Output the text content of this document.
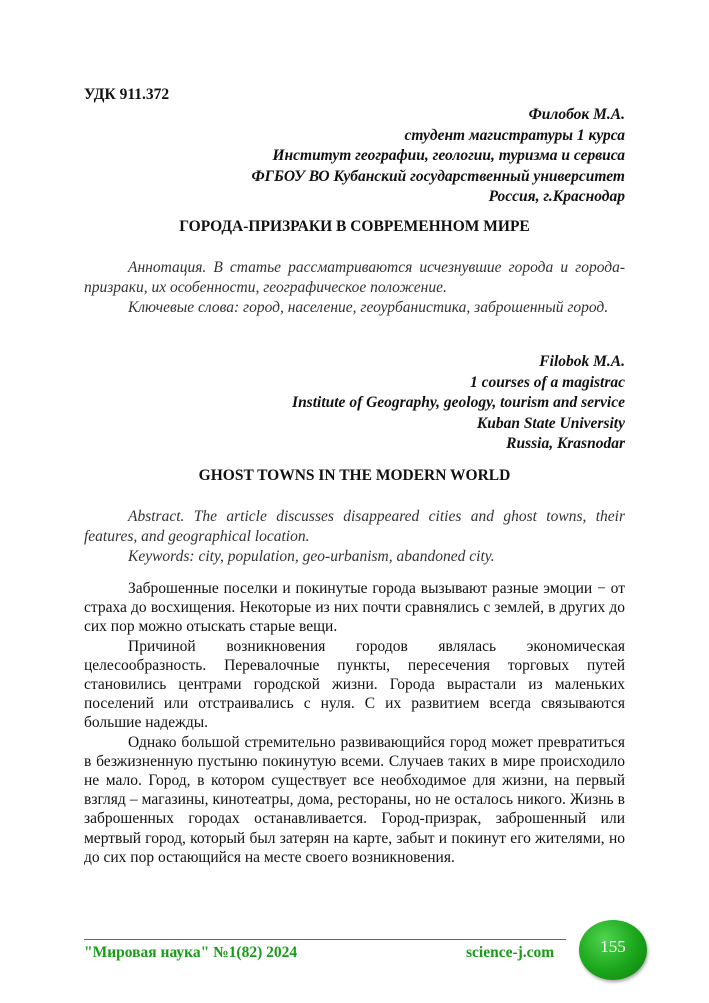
УДК 911.372
Филобок М.А.
студент магистратуры 1 курса
Институт географии, геологии, туризма и сервиса
ФГБОУ ВО Кубанский государственный университет
Россия, г.Краснодар
ГОРОДА-ПРИЗРАКИ В СОВРЕМЕННОМ МИРЕ

Аннотация. В статье рассматриваются исчезнувшие города и города-призраки, их особенности, географическое положение.

Ключевые слова: город, население, геоурбанистика, заброшенный город.

Filobok M.A.
1 courses of a magistrac
Institute of Geography, geology, tourism and service
Kuban State University
Russia, Krasnodar
GHOST TOWNS IN THE MODERN WORLD

Abstract. The article discusses disappeared cities and ghost towns, their features, and geographical location.

Keywords: city, population, geo-urbanism, abandoned city.

Заброшенные поселки и покинутые города вызывают разные эмоции − от страха до восхищения. Некоторые из них почти сравнялись с землей, в других до сих пор можно отыскать старые вещи.

Причиной возникновения городов являлась экономическая целесообразность. Перевалочные пункты, пересечения торговых путей становились центрами городской жизни. Города вырастали из маленьких поселений или отстраивались с нуля. С их развитием всегда связываются большие надежды.

Однако большой стремительно развивающийся город может превратиться в безжизненную пустыню покинутую всеми. Случаев таких в мире происходило не мало. Город, в котором существует все необходимое для жизни, на первый взгляд – магазины, кинотеатры, дома, рестораны, но не осталось никого. Жизнь в заброшенных городах останавливается. Город-призрак, заброшенный или мертвый город, который был затерян на карте, забыт и покинут его жителями, но до сих пор остающийся на месте своего возникновения.

"Мировая наука" №1(82) 2024	science-j.com	155
